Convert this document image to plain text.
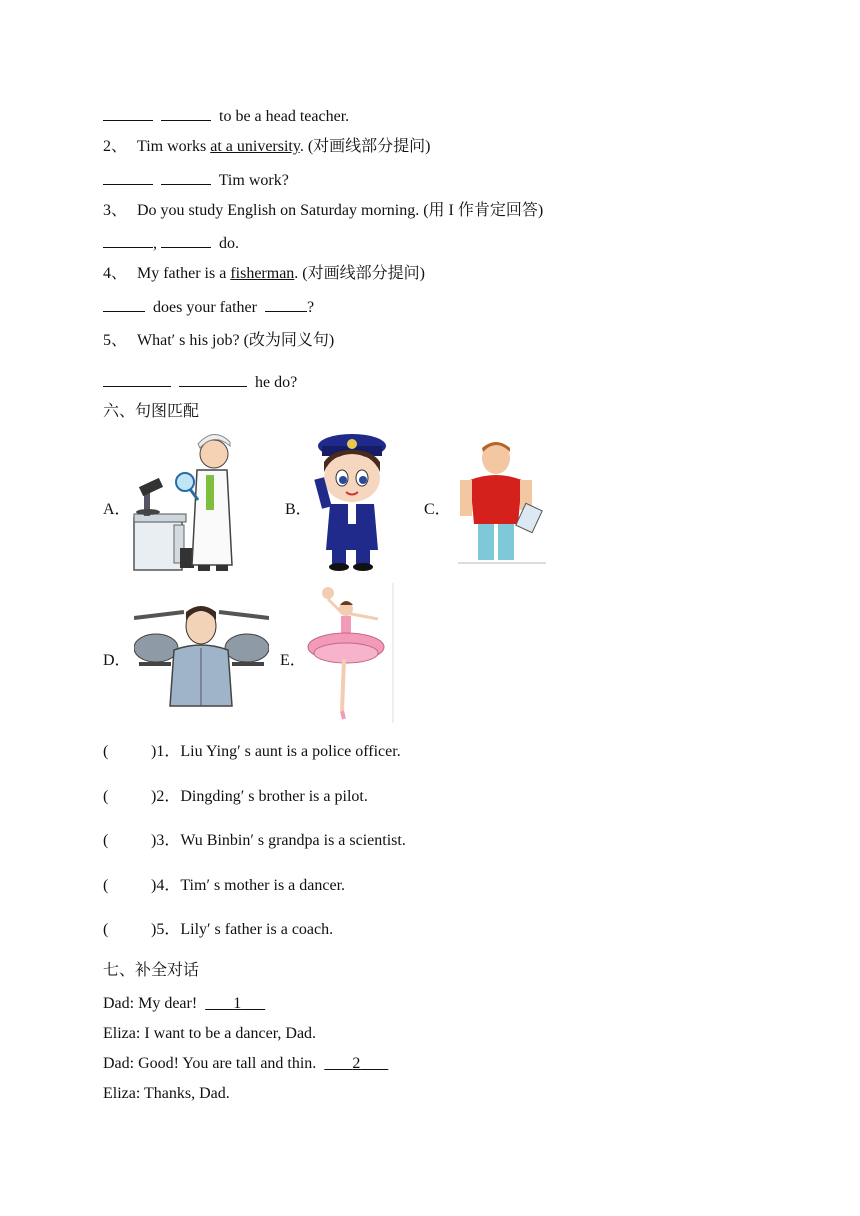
to be a head teacher.
2、 Tim works at a university. (对画线部分提问)
Tim work?
3、 Do you study English on Saturday morning. (用 I 作肯定回答)
,	do.
4、 My father is a fisherman. (对画线部分提问)
does your father	?
5、 What′ s his job? (改为同义句)
he do?
六、句图匹配
A．	B．	C．
D．	E．
(	)1．Liu Ying′ s aunt is a police officer.
(	)2．Dingding′ s brother is a pilot.
(	)3．Wu Binbin′ s grandpa is a scientist.
(	)4．Tim′ s mother is a dancer.
(	)5．Lily′ s father is a coach.
七、补全对话
Dad: My dear! 1
Eliza: I want to be a dancer, Dad.
Dad: Good! You are tall and thin. 2
Eliza: Thanks, Dad.
